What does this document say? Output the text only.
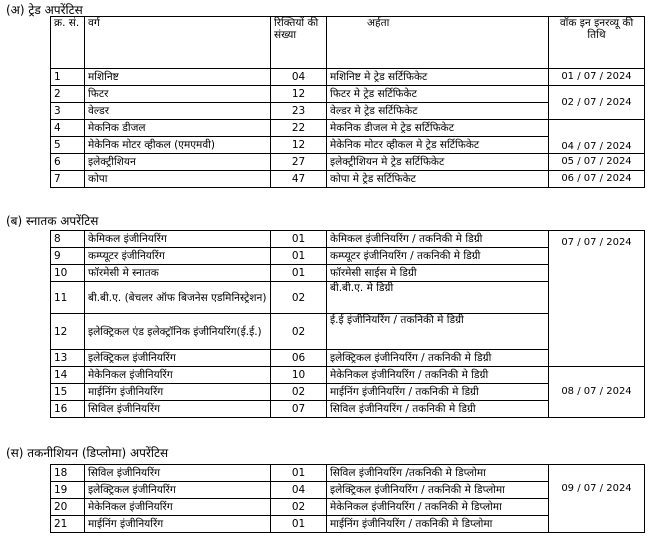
(अ) ट्रेड अपरेंटिस
क्र. सं.	वर्ग	रिक्तियों की संख्या	अर्हता	वॉक इन इनरव्यू की तिथि
1	मशिनिष्ट	04	मशिनिष्ट मे ट्रेड सर्टिफिकेट	01 / 07 / 2024
2	फिटर	12	फिटर मे ट्रेड सर्टिफिकेट	02 / 07 / 2024
3	वेल्डर	23	वेल्डर मे ट्रेड सर्टिफिकेट	
4	मेकनिक डीजल	22	मेकनिक डीजल मे ट्रेड सर्टिफिकेट	04 / 07 / 2024
5	मेकेनिक मोटर व्हीकल (एमएमवी)	12	मेकेनिक मोटर व्हीकल मे ट्रेड सर्टिफिकेट	
6	इलेक्ट्रीशियन	27	इलेक्ट्रीशियन मे ट्रेड सर्टिफिकेट	05 / 07 / 2024
7	कोपा	47	कोपा मे ट्रेड सर्टिफिकेट	06 / 07 / 2024
(ब) स्नातक अपरेंटिस
8	केमिकल इंजीनियरिंग	01	केमिकल इंजीनियरिंग / तकनिकी मे डिग्री	07 / 07 / 2024
9	कम्प्यूटर इंजीनियरिंग	01	कम्प्यूटर इंजीनियरिंग / तकनिकी मे डिग्री	
10	फॉरमेसी मे स्नातक	01	फॉरमेसी साईस मे डिग्री	
11	बी.बी.ए. (बेचलर ऑफ बिजनेस एडमिनिस्ट्रेशन)	02	बी.बी.ए. मे डिग्री	
12	इलेक्ट्रिकल एंड इलेक्ट्रॉनिक इंजीनियरिंग(ई.ई.)	02	ई.ई इंजीनियरिंग / तकनिकी मे डिग्री	
13	इलेक्ट्रिकल इंजीनियरिंग	06	इलेक्ट्रिकल इंजीनियरिंग / तकनिकी मे डिग्री	
14	मेकेनिकल इंजीनियरिंग	10	मेकेनिकल इंजीनियरिंग / तकनिकी मे डिग्री	08 / 07 / 2024
15	माईनिंग इंजीनियरिंग	02	माईनिंग इंजीनियरिंग / तकनिकी मे डिग्री	
16	सिविल इंजीनियरिंग	07	सिविल इंजीनियरिंग / तकनिकी मे डिग्री	
(स) तकनीशियन (डिप्लोमा) अपरेंटिस
18	सिविल इंजीनियरिंग	01	सिविल इंजीनियरिंग /तकनिकी मे डिप्लोमा	09 / 07 / 2024
19	इलेक्ट्रिकल इंजीनियरिंग	04	इलेक्ट्रिकल इंजीनियरिंग / तकनिकी मे डिप्लोमा	
20	मेकेनिकल इंजीनियरिंग	02	मेकेनिकल इंजीनियरिंग / तकनिकी मे डिप्लोमा	
21	माईनिंग इंजीनियरिंग	01	माईनिंग इंजीनियरिंग / तकनिकी मे डिप्लोमा	
